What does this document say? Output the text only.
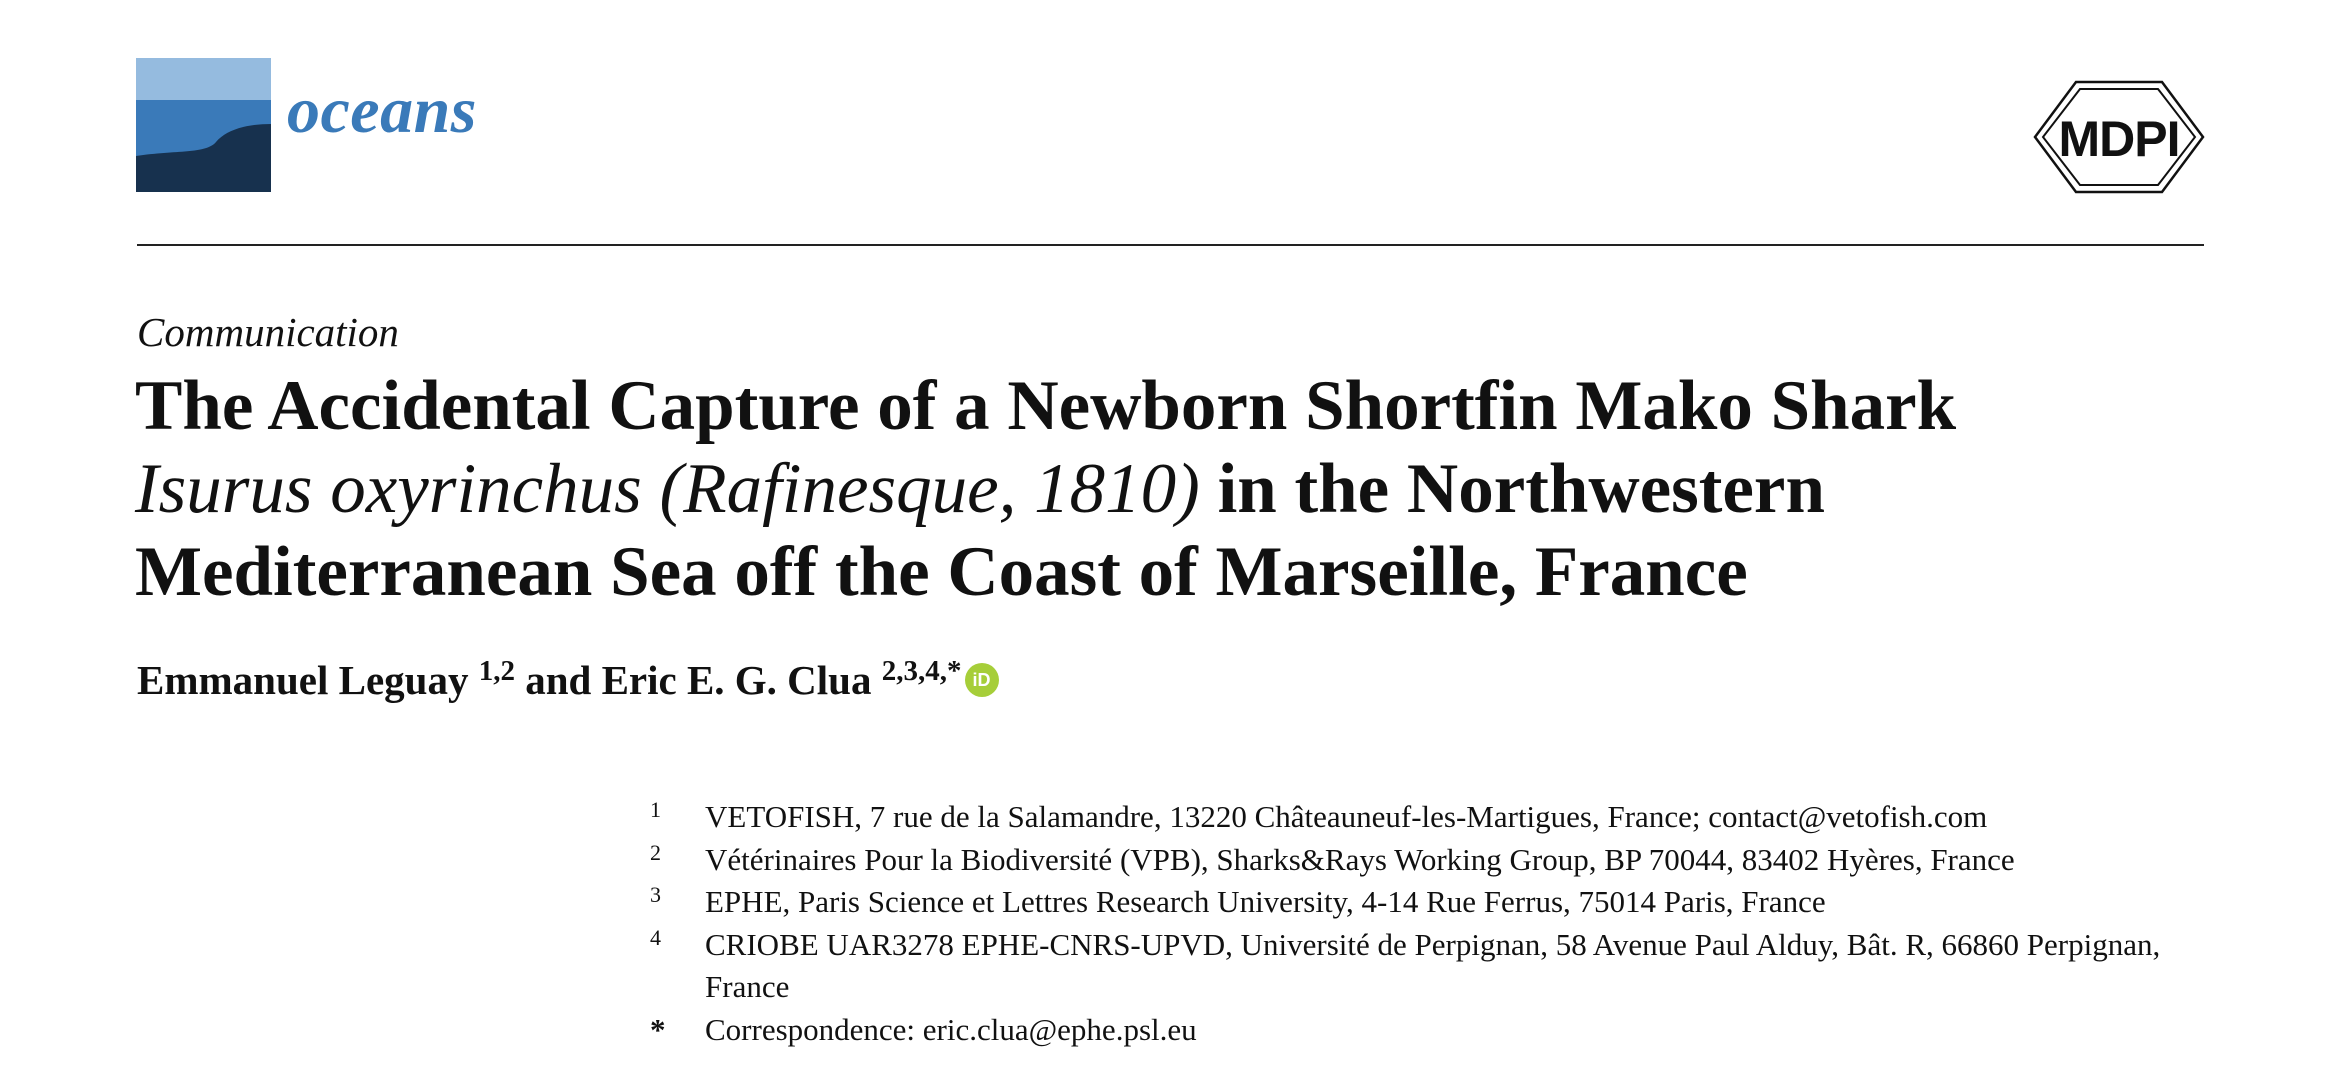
oceans	MDPI
Communication
The Accidental Capture of a Newborn Shortfin Mako Shark
Isurus oxyrinchus (Rafinesque, 1810) in the Northwestern
Mediterranean Sea off the Coast of Marseille, France
Emmanuel Leguay $^{1,2}$ and Eric E. G. Clua $^{2,3,4,*}$ iD
1 VETOFISH, 7 rue de la Salamandre, 13220 Châteauneuf-les-Martigues, France; contact@vetofish.com
2 Vétérinaires Pour la Biodiversité (VPB), Sharks&Rays Working Group, BP 70044, 83402 Hyères, France
3 EPHE, Paris Science et Lettres Research University, 4-14 Rue Ferrus, 75014 Paris, France
4 CRIOBE UAR3278 EPHE-CNRS-UPVD, Université de Perpignan, 58 Avenue Paul Alduy, Bât. R, 66860 Perpignan, France
* Correspondence: eric.clua@ephe.psl.eu
